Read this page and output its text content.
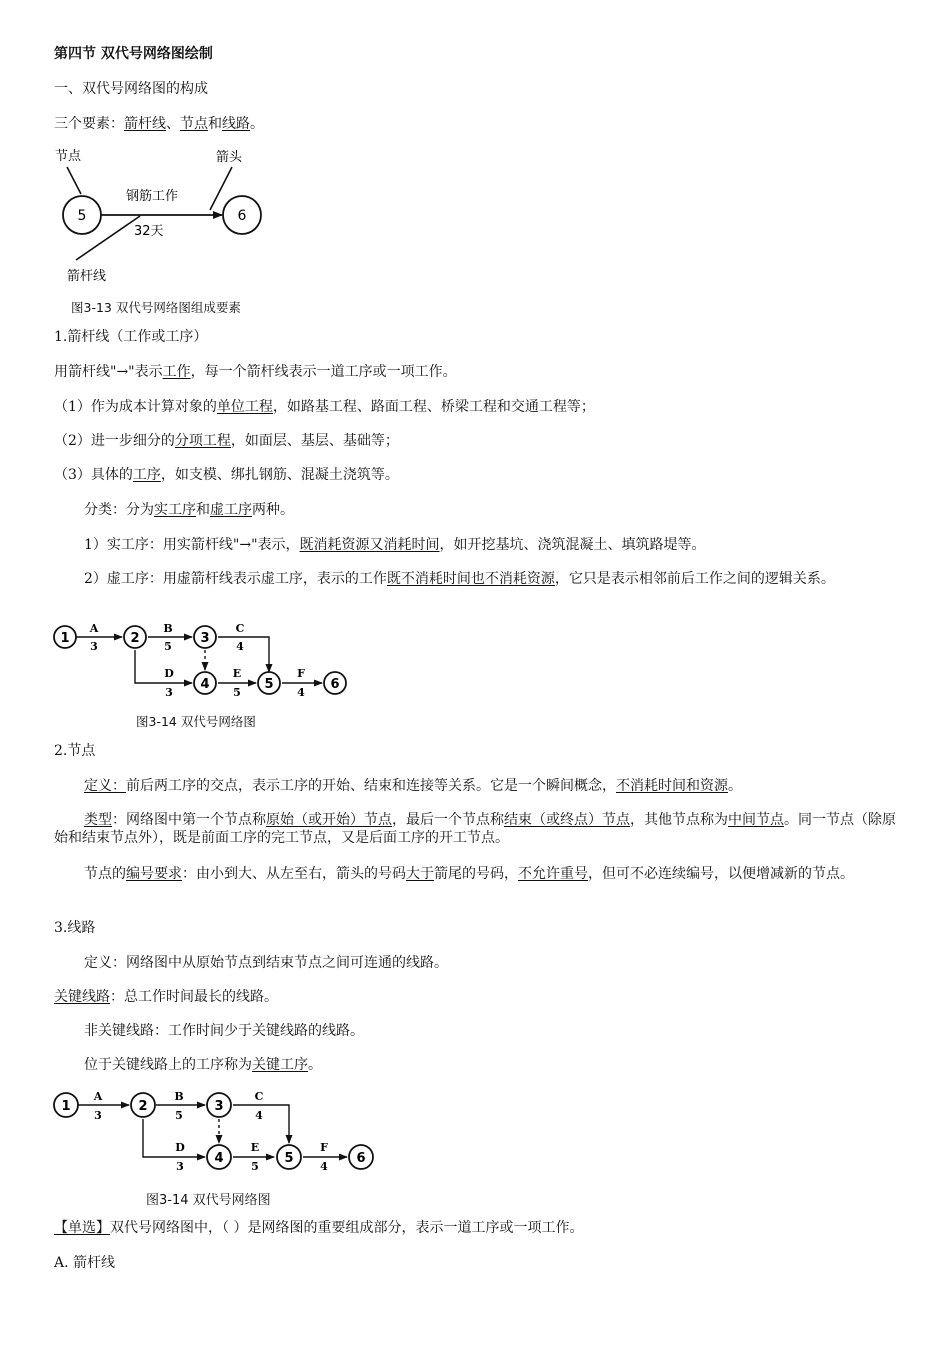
第四节 双代号网络图绘制
一、双代号网络图的构成
三个要素：箭杆线、节点和线路。
节点	箭头
5	6
钢筋工作
32天
箭杆线
图3-13 双代号网络图组成要素
1.箭杆线（工作或工序）
用箭杆线"→"表示工作，每一个箭杆线表示一道工序或一项工作。
（1）作为成本计算对象的单位工程，如路基工程、路面工程、桥梁工程和交通工程等；
（2）进一步细分的分项工程，如面层、基层、基础等；
（3）具体的工序，如支模、绑扎钢筋、混凝土浇筑等。
分类：分为实工序和虚工序两种。
1）实工序：用实箭杆线"→"表示，既消耗资源又消耗时间，如开挖基坑、浇筑混凝土、填筑路堤等。
2）虚工序：用虚箭杆线表示虚工序，表示的工作既不消耗时间也不消耗资源，它只是表示相邻前后工作之间的逻辑关系。
1	2	3
4	5	6
A
3
B
5
C
4
D
3
E
5
F
4
图3-14 双代号网络图
2.节点
定义：前后两工序的交点，表示工序的开始、结束和连接等关系。它是一个瞬间概念，不消耗时间和资源。
类型：网络图中第一个节点称原始（或开始）节点，最后一个节点称结束（或终点）节点，其他节点称为中间节点。同一节点（除原始和结束节点外），既是前面工序的完工节点，又是后面工序的开工节点。
节点的编号要求：由小到大、从左至右，箭头的号码大于箭尾的号码，不允许重号，但可不必连续编号，以便增减新的节点。
3.线路
定义：网络图中从原始节点到结束节点之间可连通的线路。
关键线路：总工作时间最长的线路。
非关键线路：工作时间少于关键线路的线路。
位于关键线路上的工序称为关键工序。
1	2	3
4	5	6
A
3
B
5
C
4
D
3
E
5
F
4
图3-14 双代号网络图
【单选】双代号网络图中，（ ）是网络图的重要组成部分，表示一道工序或一项工作。
A. 箭杆线
